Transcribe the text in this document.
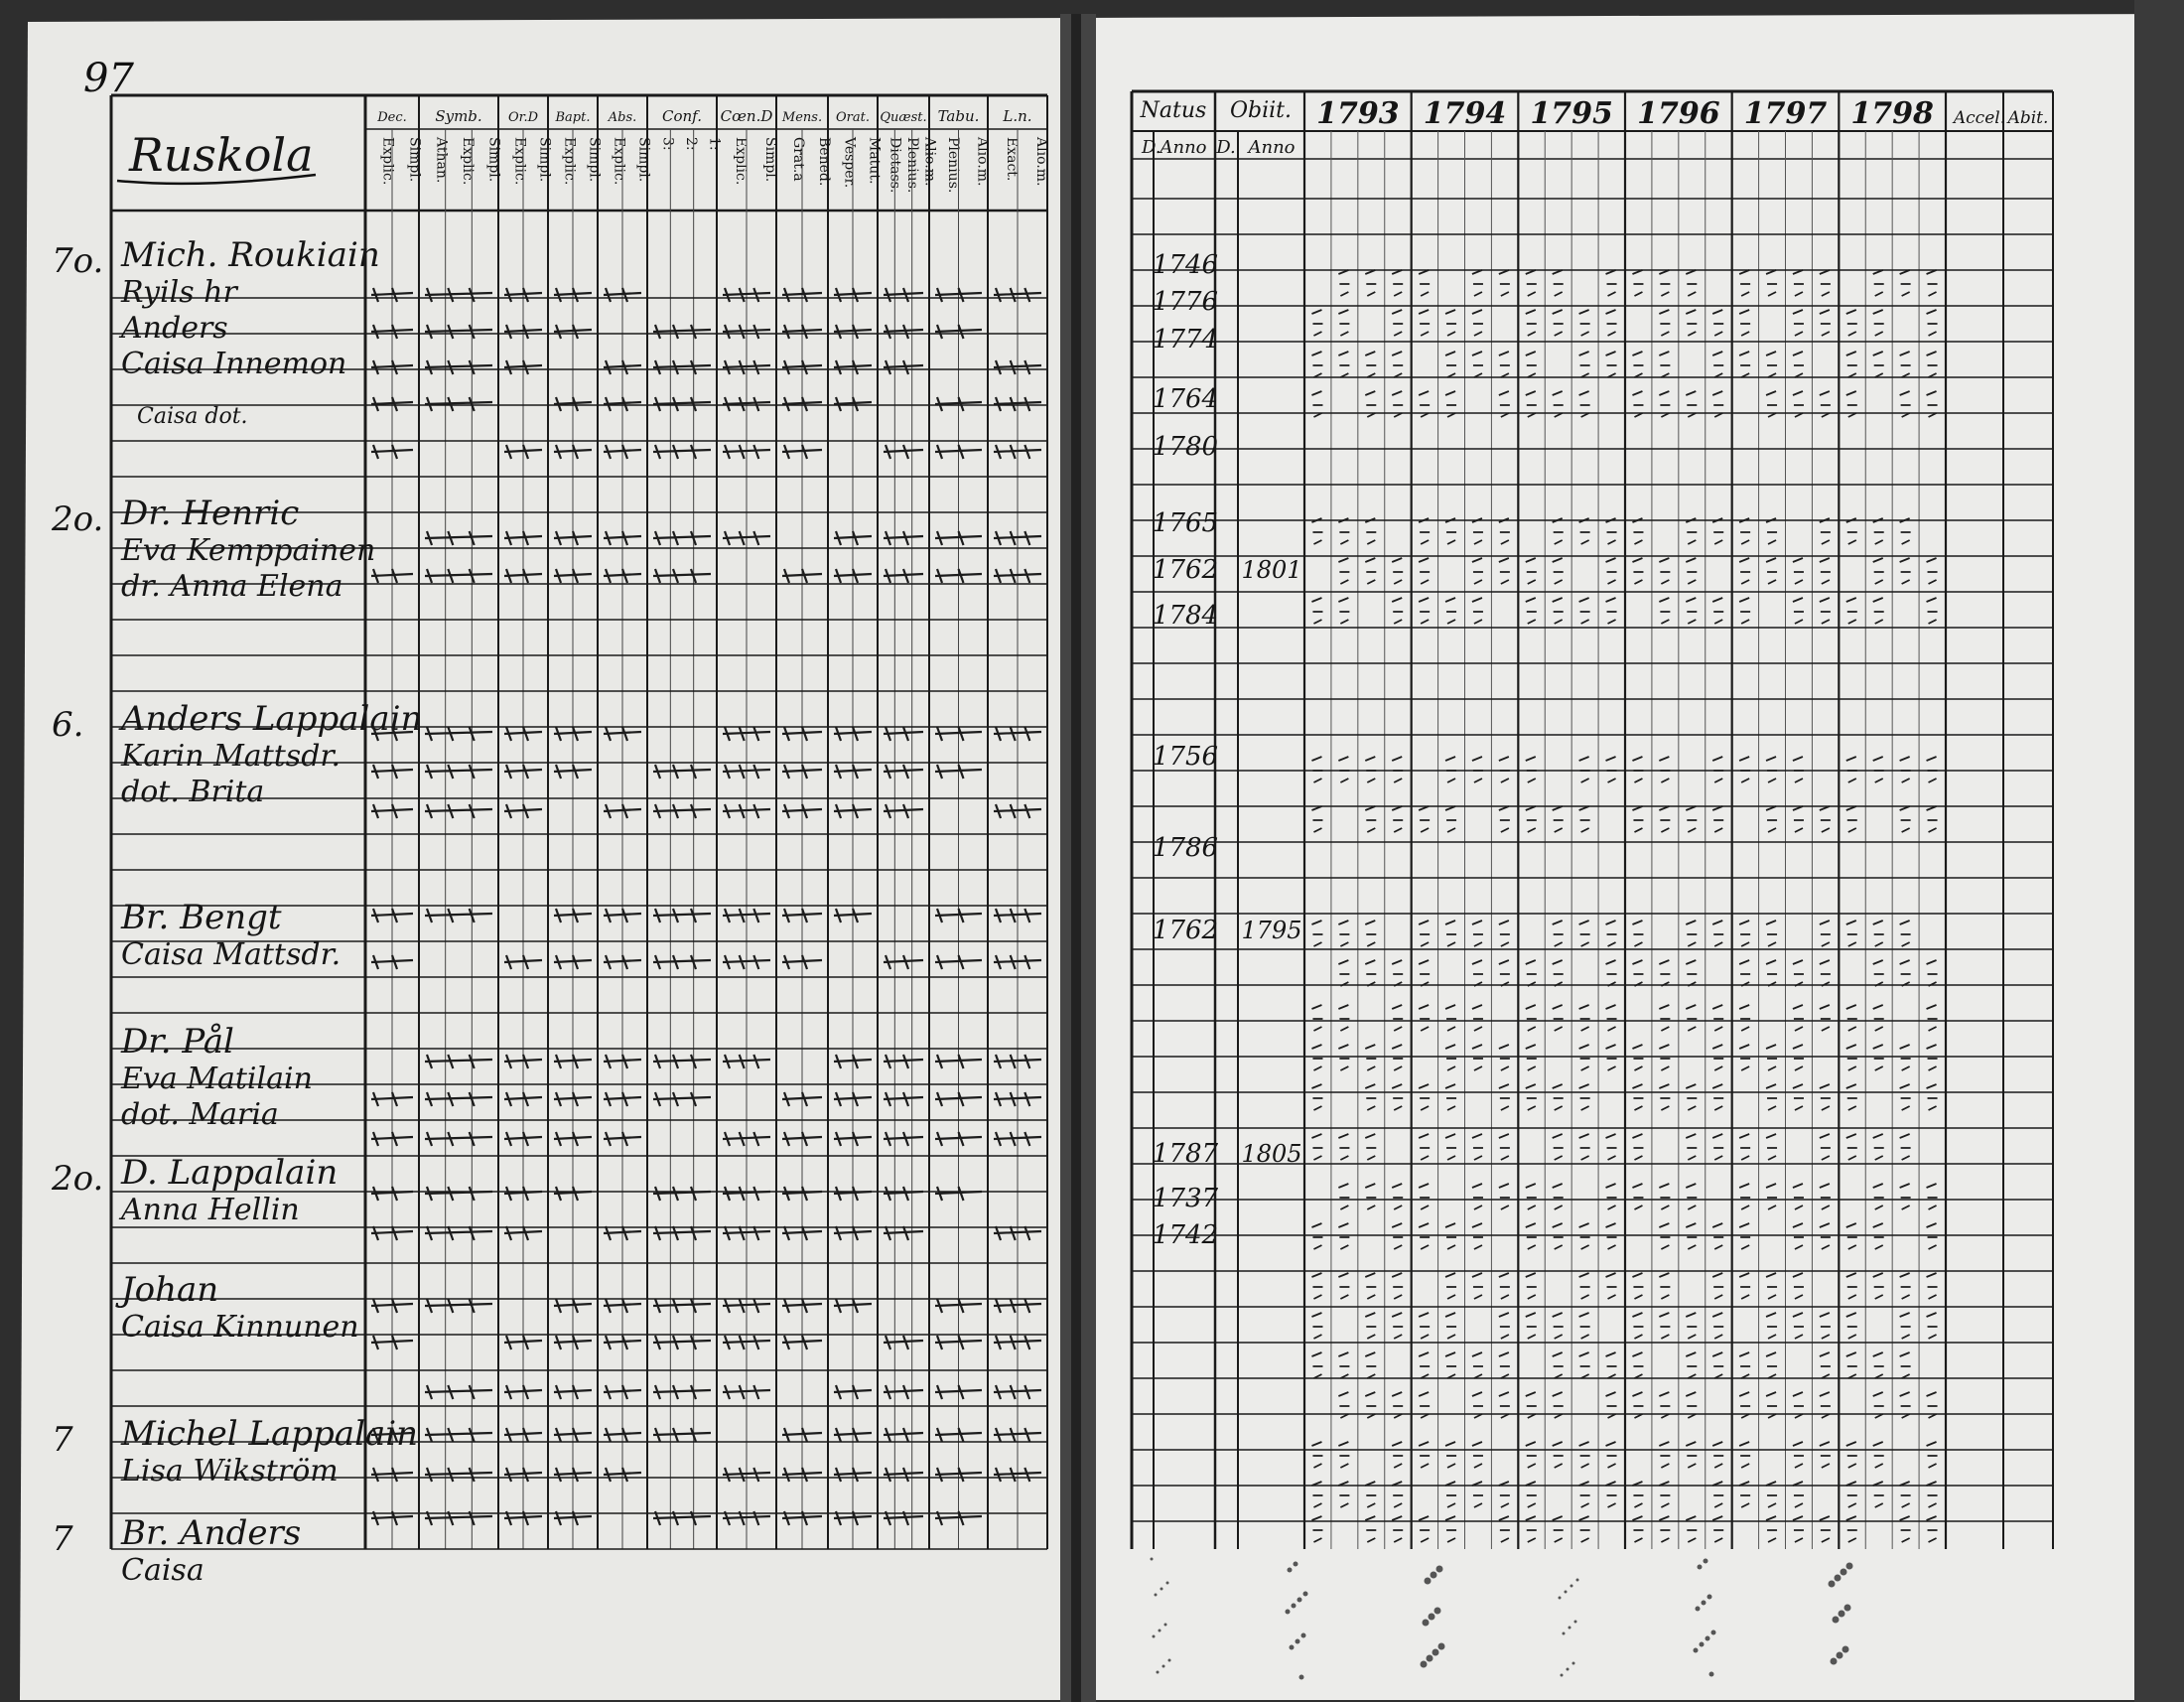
Dec.
Explic. Simpl.
Symb.
Athan. Explic. Simpl.
Or.D
Explic. Simpl.
Bapt.
Explic. Simpl.
Abs.
Explic. Simpl.
Conf.
3: 2: 1:
Cœn.D
Explic. Simpl.
Mens.
Grat.a Bened.
Orat.
Vesper. Matut.
Quæst.
Dictass. Plenius. Alio.m.
Tabu.
Plenius. Alio.m.
L.n.
Exact. Alio.m.
Ruskola
7o. Mich. Roukiain
Ryils hr
Anders
Caisa Innemon
Caisa dot.
2o. Dr. Henric
Eva Kemppainen
dr. Anna Elena
6. Anders Lappalain
Karin Mattsdr.
dot. Brita
Br. Bengt
Caisa Mattsdr.
Dr. Pål
Eva Matilain
dot. Maria
2o. D. Lappalain
Anna Hellin
Johan
Caisa Kinnunen
7 Michel Lappalain
Lisa Wikström
7 Br. Anders
Caisa
Natus
D.
Anno
Obiit.
D. Anno
1793 1794 1795 1796 1797 1798 Accel. Abit.
1746
1776
1774
1764
1780
1765
1762
1784
1801
1756
1786
1762 1795
1787 1805
1737
1742
97
